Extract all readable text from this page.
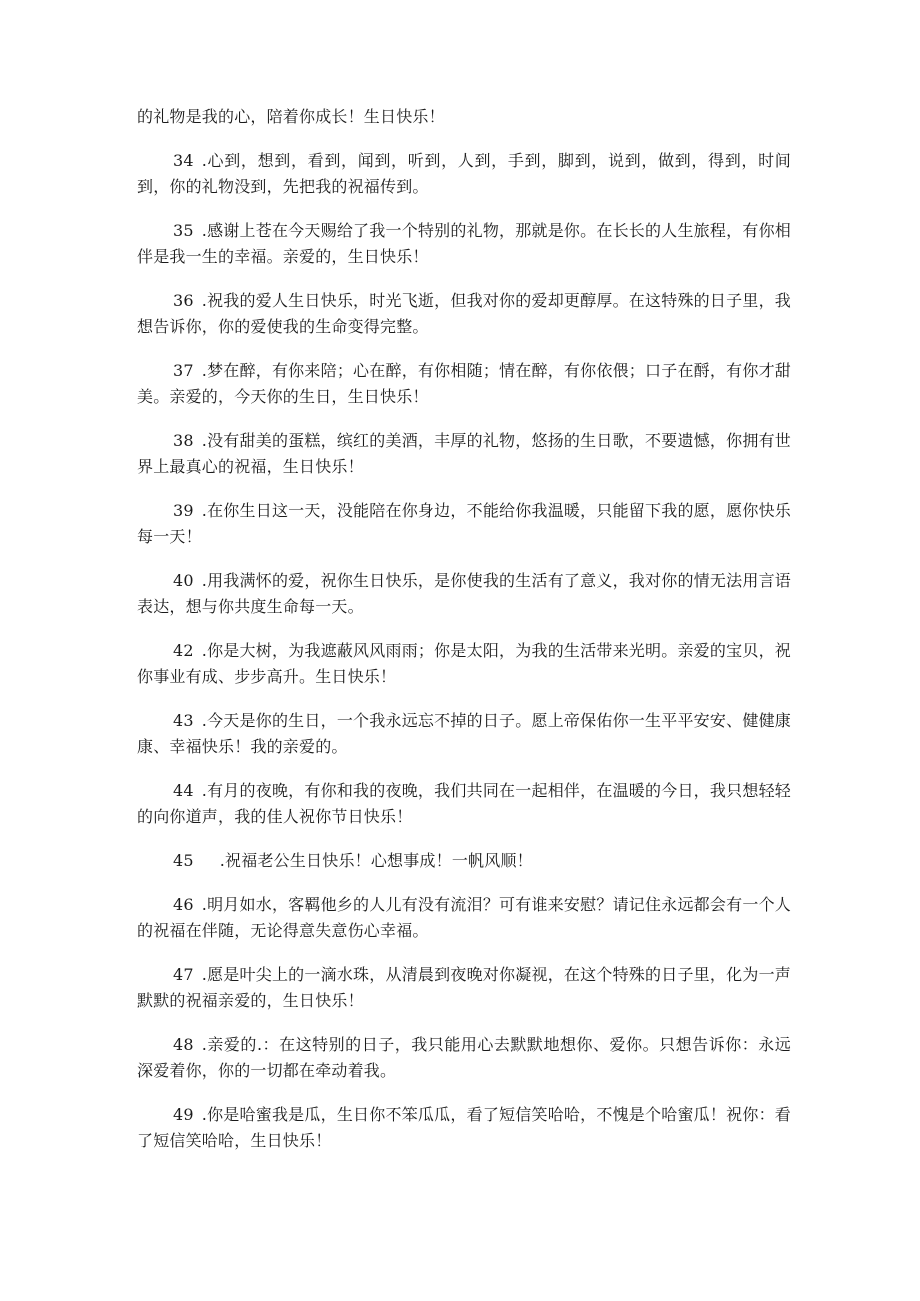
的礼物是我的心，陪着你成长！生日快乐！

34 .心到，想到，看到，闻到，听到，人到，手到，脚到，说到，做到，得到，时间到，你的礼物没到，先把我的祝福传到。

35 .感谢上苍在今天赐给了我一个特别的礼物，那就是你。在长长的人生旅程，有你相伴是我一生的幸福。亲爱的，生日快乐！

36 .祝我的爱人生日快乐，时光飞逝，但我对你的爱却更醇厚。在这特殊的日子里，我想告诉你，你的爱使我的生命变得完整。

37 .梦在醉，有你来陪；心在醉，有你相随；情在醉，有你依偎；口子在酹，有你才甜美。亲爱的，今天你的生日，生日快乐！

38 .没有甜美的蛋糕，缤红的美酒，丰厚的礼物，悠扬的生日歌，不要遗憾，你拥有世界上最真心的祝福，生日快乐！

39 .在你生日这一天，没能陪在你身边，不能给你我温暖，只能留下我的愿，愿你快乐每一天！

40 .用我满怀的爱，祝你生日快乐，是你使我的生活有了意义，我对你的情无法用言语表达，想与你共度生命每一天。

42 .你是大树，为我遮蔽风风雨雨；你是太阳，为我的生活带来光明。亲爱的宝贝，祝你事业有成、步步高升。生日快乐！

43 .今天是你的生日，一个我永远忘不掉的日子。愿上帝保佑你一生平平安安、健健康康、幸福快乐！我的亲爱的。

44 .有月的夜晚，有你和我的夜晚，我们共同在一起相伴，在温暖的今日，我只想轻轻的向你道声，我的佳人祝你节日快乐！

45 .祝福老公生日快乐！心想事成！一帆风顺！

46 .明月如水，客羁他乡的人儿有没有流泪？可有谁来安慰？请记住永远都会有一个人的祝福在伴随，无论得意失意伤心幸福。

47 .愿是叶尖上的一滴水珠，从清晨到夜晚对你凝视，在这个特殊的日子里，化为一声默默的祝福亲爱的，生日快乐！

48 .亲爱的.：在这特别的日子，我只能用心去默默地想你、爱你。只想告诉你：永远深爱着你，你的一切都在牵动着我。

49 .你是哈蜜我是瓜，生日你不笨瓜瓜，看了短信笑哈哈，不愧是个哈蜜瓜！祝你：看了短信笑哈哈，生日快乐！
